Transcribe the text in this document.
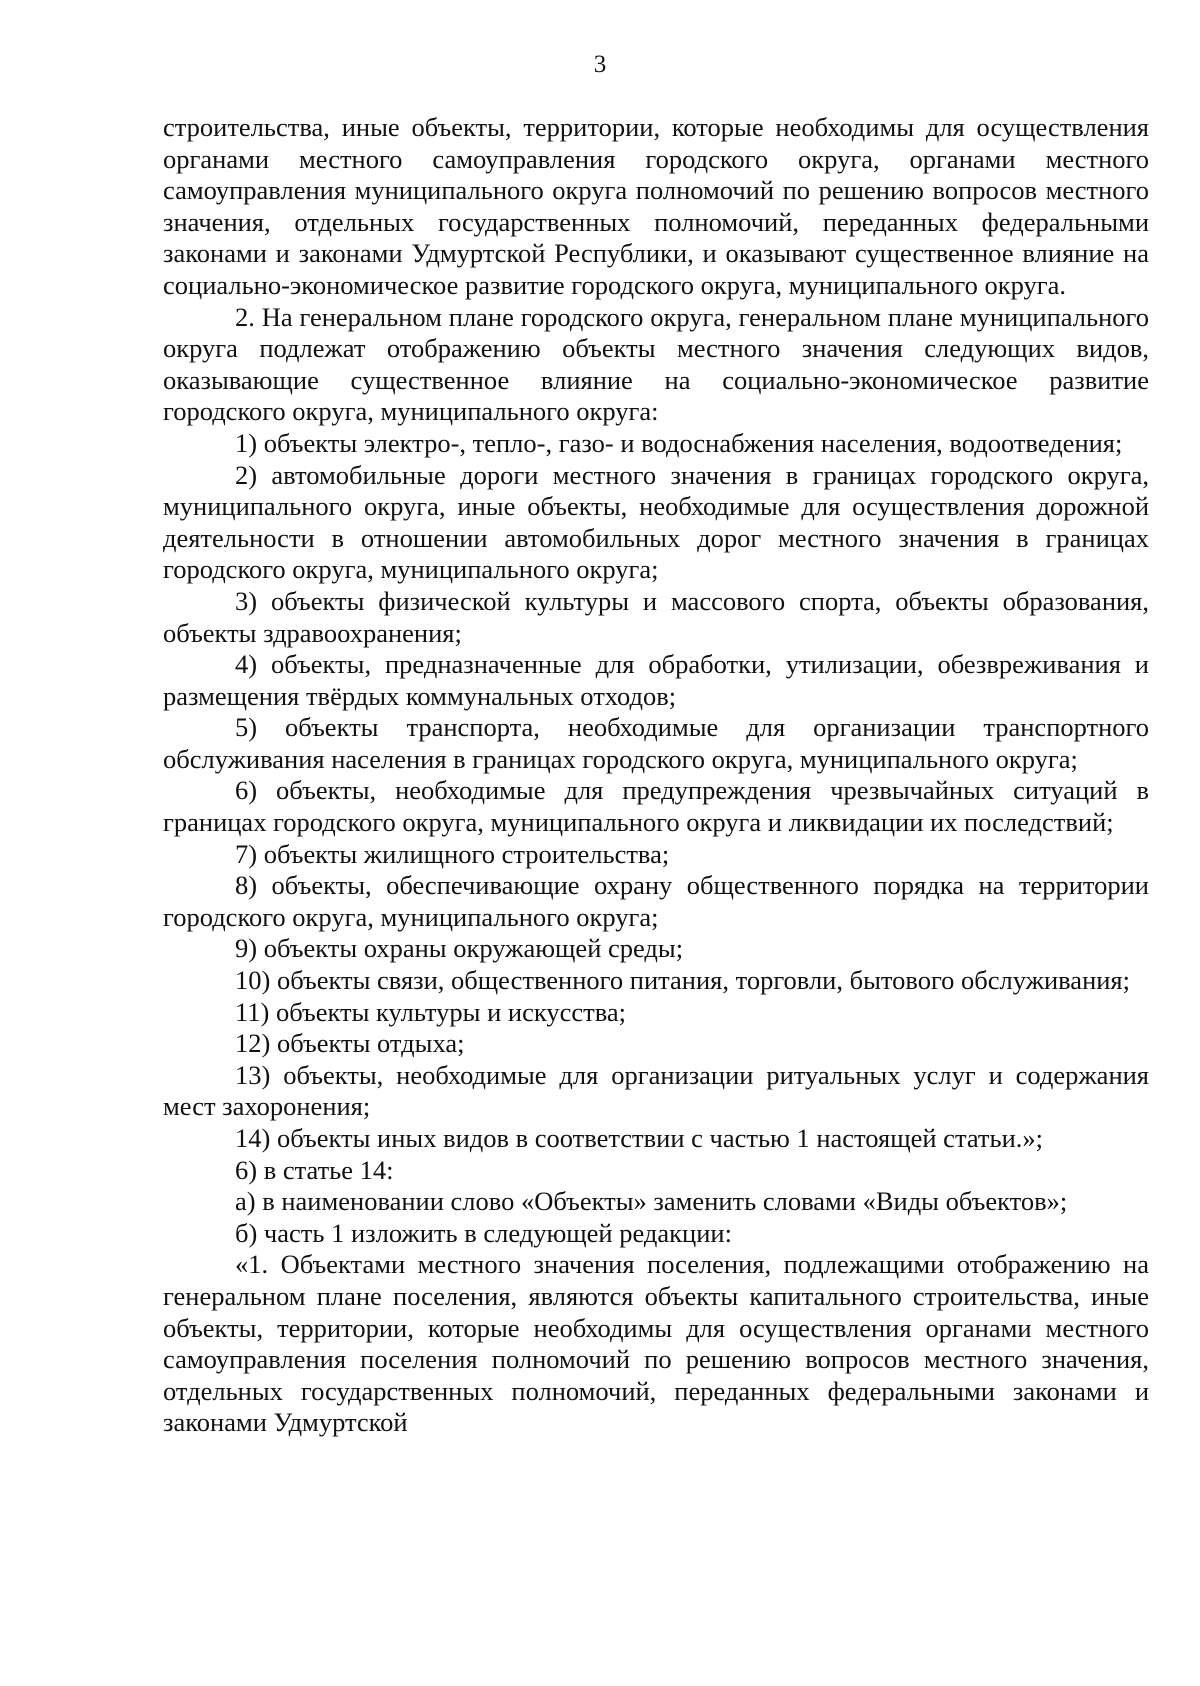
3

строительства, иные объекты, территории, которые необходимы для осуществления органами местного самоуправления городского округа, органами местного самоуправления муниципального округа полномочий по решению вопросов местного значения, отдельных государственных полномочий, переданных федеральными законами и законами Удмуртской Республики, и оказывают существенное влияние на социально-экономическое развитие городского округа, муниципального округа.

2. На генеральном плане городского округа, генеральном плане муниципального округа подлежат отображению объекты местного значения следующих видов, оказывающие существенное влияние на социально-экономическое развитие городского округа, муниципального округа:

1) объекты электро-, тепло-, газо- и водоснабжения населения, водоотведения;

2) автомобильные дороги местного значения в границах городского округа, муниципального округа, иные объекты, необходимые для осуществления дорожной деятельности в отношении автомобильных дорог местного значения в границах городского округа, муниципального округа;

3) объекты физической культуры и массового спорта, объекты образования, объекты здравоохранения;

4) объекты, предназначенные для обработки, утилизации, обезвреживания и размещения твёрдых коммунальных отходов;

5) объекты транспорта, необходимые для организации транспортного обслуживания населения в границах городского округа, муниципального округа;

6) объекты, необходимые для предупреждения чрезвычайных ситуаций в границах городского округа, муниципального округа и ликвидации их последствий;

7) объекты жилищного строительства;

8) объекты, обеспечивающие охрану общественного порядка на территории городского округа, муниципального округа;

9) объекты охраны окружающей среды;

10) объекты связи, общественного питания, торговли, бытового обслуживания;

11) объекты культуры и искусства;

12) объекты отдыха;

13) объекты, необходимые для организации ритуальных услуг и содержания мест захоронения;

14) объекты иных видов в соответствии с частью 1 настоящей статьи.»;

6) в статье 14:

а) в наименовании слово «Объекты» заменить словами «Виды объектов»;

б) часть 1 изложить в следующей редакции:

«1. Объектами местного значения поселения, подлежащими отображению на генеральном плане поселения, являются объекты капитального строительства, иные объекты, территории, которые необходимы для осуществления органами местного самоуправления поселения полномочий по решению вопросов местного значения, отдельных государственных полномочий, переданных федеральными законами и законами Удмуртской
